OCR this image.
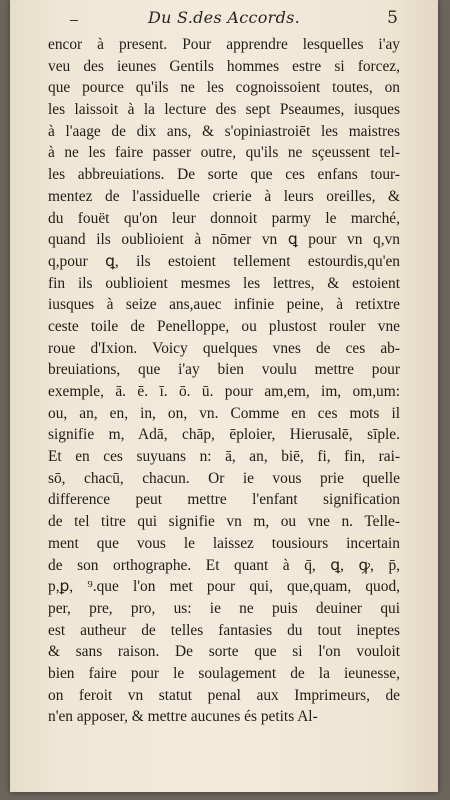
Du S.des Accords.	5
encor à present. Pour apprendre lesquelles i'ay
veu des ieunes Gentils hommes estre si forcez,
que pource qu'ils ne les cognoissoient toutes, on
les laissoit à la lecture des sept Pseaumes, iusques
à l'aage de dix ans, & s'opiniastroiēt les maistres
à ne les faire passer outre, qu'ils ne sçeussent tel-
les abbreuiations. De sorte que ces enfans tour-
mentez de l'assiduelle crierie à leurs oreilles, &
du fouët qu'on leur donnoit parmy le marché,
quand ils oublioient à nōmer vn ꝗ pour vn q,vn
q,pour ꝗ, ils estoient tellement estourdis,qu'en
fin ils oublioient mesmes les lettres, & estoient
iusques à seize ans,auec infinie peine, à retixtre
ceste toile de Penelloppe, ou plustost rouler vne
roue d'Ixion. Voicy quelques vnes de ces ab-
breuiations, que i'ay bien voulu mettre pour
exemple, ā. ē. ī. ō. ū. pour am,em, im, om,um:
ou, an, en, in, on, vn. Comme en ces mots il
signifie m, Adā, chāp, ēploier, Hierusalē, sīple.
Et en ces suyuans n: ā, an, biē, fi, fin, rai-
sō, chacū, chacun. Or ie vous prie quelle
difference peut mettre l'enfant signification
de tel titre qui signifie vn m, ou vne n. Telle-
ment que vous le laissez tousiours incertain
de son orthographe. Et quant à q̄, ꝗ, ꝙ, p̄,
p,ꝑ, ⁹.que l'on met pour qui, que,quam, quod,
per, pre, pro, us: ie ne puis deuiner qui
est autheur de telles fantasies du tout ineptes
& sans raison. De sorte que si l'on vouloit
bien faire pour le soulagement de la ieunesse,
on feroit vn statut penal aux Imprimeurs, de
n'en apposer, & mettre aucunes és petits Al-
